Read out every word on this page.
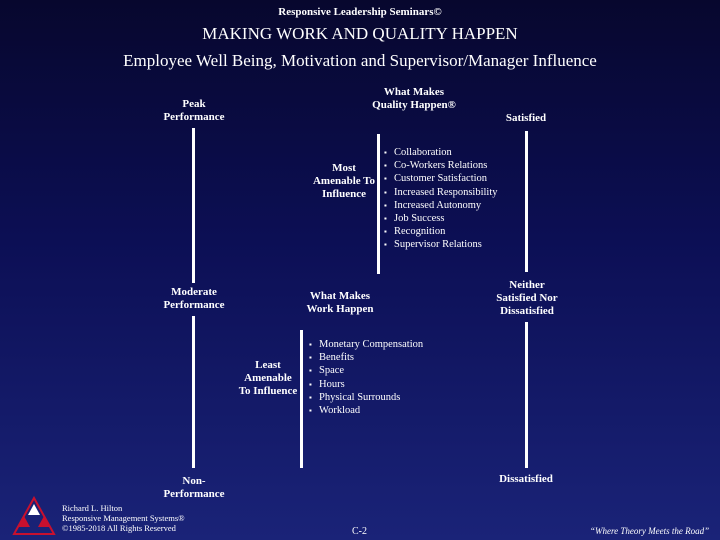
Responsive Leadership Seminars©
MAKING WORK AND QUALITY HAPPEN
Employee Well Being, Motivation and Supervisor/Manager Influence
Peak Performance
Moderate Performance
Non-Performance
Satisfied
Neither Satisfied Nor Dissatisfied
Dissatisfied
What Makes Quality Happen®
Most Amenable To Influence
▪ Collaboration
▪ Co-Workers Relations
▪ Customer Satisfaction
▪ Increased Responsibility
▪ Increased Autonomy
▪ Job Success
▪ Recognition
▪ Supervisor Relations
What Makes Work Happen
Least Amenable To Influence
▪ Monetary Compensation
▪ Benefits
▪ Space
▪ Hours
▪ Physical Surrounds
▪ Workload
Richard L. Hilton
Responsive Management Systems®
©1985-2018 All Rights Reserved	C-2	“Where Theory Meets the Road”
